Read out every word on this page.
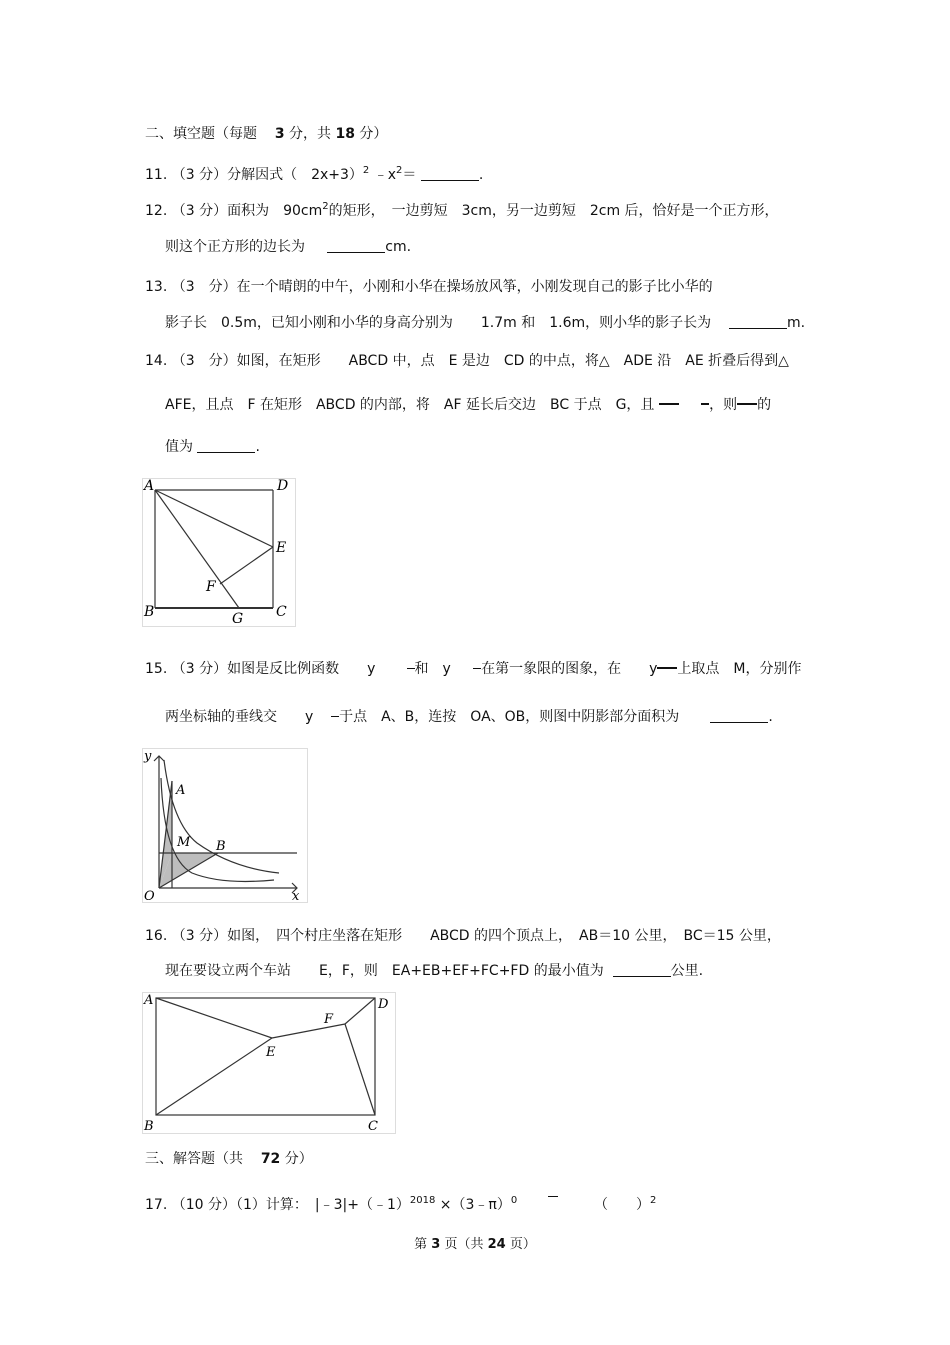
二、填空题（每题 3 分，共 18 分）
11. （3 分）分解因式（　2x+3）$^2$ $﹣x^2=$	.
12. （3 分）面积为　$90cm^2$的矩形，　一边剪短　3cm，另一边剪短　2cm 后，恰好是一个正方形，
则这个正方形的边长为	cm.
13. （3　分）在一个晴朗的中午，小刚和小华在操场放风筝，小刚发现自己的影子比小华的
影子长　0.5m，已知小刚和小华的身高分别为　　1.7m 和　1.6m，则小华的影子长为	m.
14. （3　分）如图，在矩形　　ABCD 中，点　E 是边　CD 的中点，将△　ADE 沿　AE 折叠后得到△
AFE，且点　F 在矩形　ABCD 的内部，将　AF 延长后交边　BC 于点　G，且	，则 的
值为	.
A	D
E
F
B	G C
15. （3 分）如图是反比例函数　　y	和　y 在第一象限的图象，在　　y 上取点　M，分别作
两坐标轴的垂线交　　y 于点　A、B，连按　OA、OB，则图中阴影部分面积为	.
y
x
O
A
B
M
16. （3 分）如图，　四个村庄坐落在矩形　　ABCD 的四个顶点上，　AB＝10 公里，　BC＝15 公里，
现在要设立两个车站　　E，F，则　EA+EB+EF+FC+FD 的最小值为	公里.
A	D
F
E
B	C
三、解答题（共 72 分）
17. （10 分）（1）计算：　|﹣3|+（﹣1）$^{2018}$ ×（3﹣π）$^0$	（　　）$^2$
第 3 页（共 24 页）
